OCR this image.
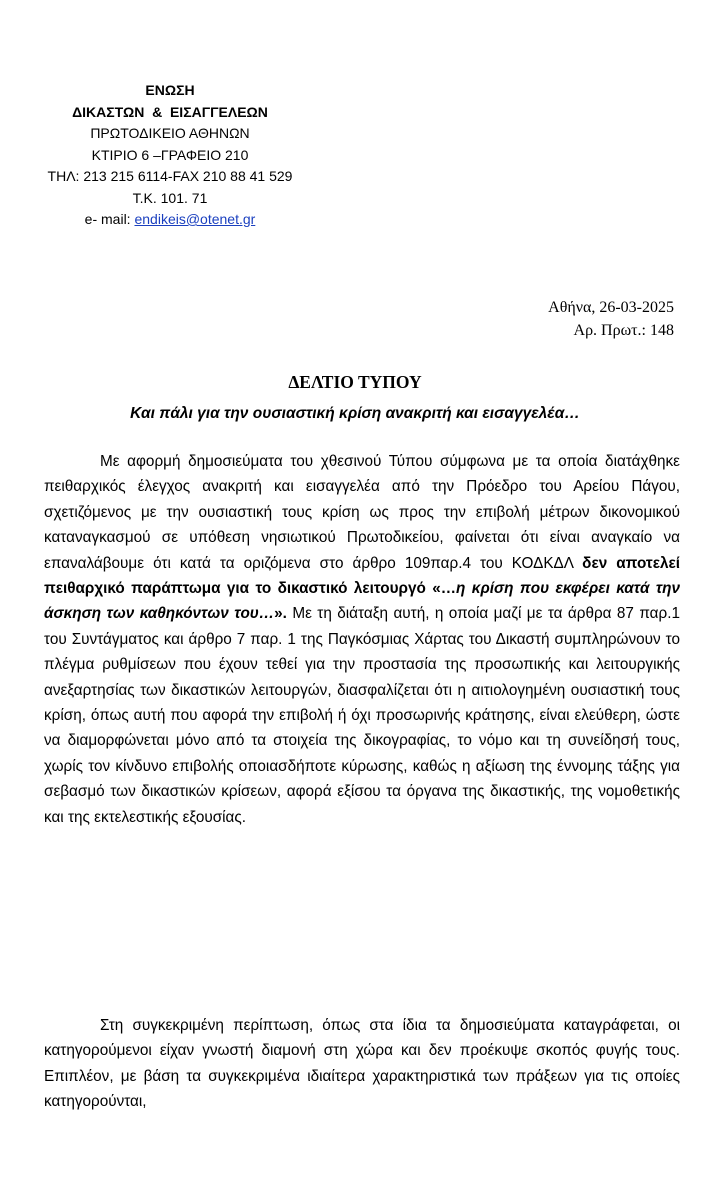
ΕΝΩΣΗ
ΔΙΚΑΣΤΩΝ  &  ΕΙΣΑΓΓΕΛΕΩΝ
ΠΡΩΤΟΔΙΚΕΙΟ ΑΘΗΝΩΝ
ΚΤΙΡΙΟ 6 –ΓΡΑΦΕΙΟ 210
ΤΗΛ: 213 215 6114-FAX 210 88 41 529
Τ.Κ. 101. 71
e- mail: endikeis@otenet.gr
Αθήνα, 26-03-2025
Αρ. Πρωτ.: 148
ΔΕΛΤΙΟ ΤΥΠΟΥ
Και πάλι για την ουσιαστική κρίση ανακριτή και εισαγγελέα…

Με αφορμή δημοσιεύματα του χθεσινού Τύπου σύμφωνα με τα οποία διατάχθηκε πειθαρχικός έλεγχος ανακριτή και εισαγγελέα από την Πρόεδρο του Αρείου Πάγου, σχετιζόμενος με την ουσιαστική τους κρίση ως προς την επιβολή μέτρων δικονομικού καταναγκασμού σε υπόθεση νησιωτικού Πρωτοδικείου, φαίνεται ότι είναι αναγκαίο να επαναλάβουμε ότι κατά τα οριζόμενα στο άρθρο 109παρ.4 του ΚΟΔΚΔΛ δεν αποτελεί πειθαρχικό παράπτωμα για το δικαστικό λειτουργό «…η κρίση που εκφέρει κατά την άσκηση των καθηκόντων του…». Με τη διάταξη αυτή, η οποία μαζί με τα άρθρα 87 παρ.1 του Συντάγματος και άρθρο 7 παρ. 1 της Παγκόσμιας Χάρτας του Δικαστή συμπληρώνουν το πλέγμα ρυθμίσεων που έχουν τεθεί για την προστασία της προσωπικής και λειτουργικής ανεξαρτησίας των δικαστικών λειτουργών, διασφαλίζεται ότι η αιτιολογημένη ουσιαστική τους κρίση, όπως αυτή που αφορά την επιβολή ή όχι προσωρινής κράτησης, είναι ελεύθερη, ώστε να διαμορφώνεται μόνο από τα στοιχεία της δικογραφίας, το νόμο και τη συνείδησή τους, χωρίς τον κίνδυνο επιβολής οποιασδήποτε κύρωσης, καθώς η αξίωση της έννομης τάξης για σεβασμό των δικαστικών κρίσεων, αφορά εξίσου τα όργανα της δικαστικής, της νομοθετικής και της εκτελεστικής εξουσίας.

Στη συγκεκριμένη περίπτωση, όπως στα ίδια τα δημοσιεύματα καταγράφεται, οι κατηγορούμενοι είχαν γνωστή διαμονή στη χώρα και δεν προέκυψε σκοπός φυγής τους. Επιπλέον, με βάση τα συγκεκριμένα ιδιαίτερα χαρακτηριστικά των πράξεων για τις οποίες κατηγορούνται,
